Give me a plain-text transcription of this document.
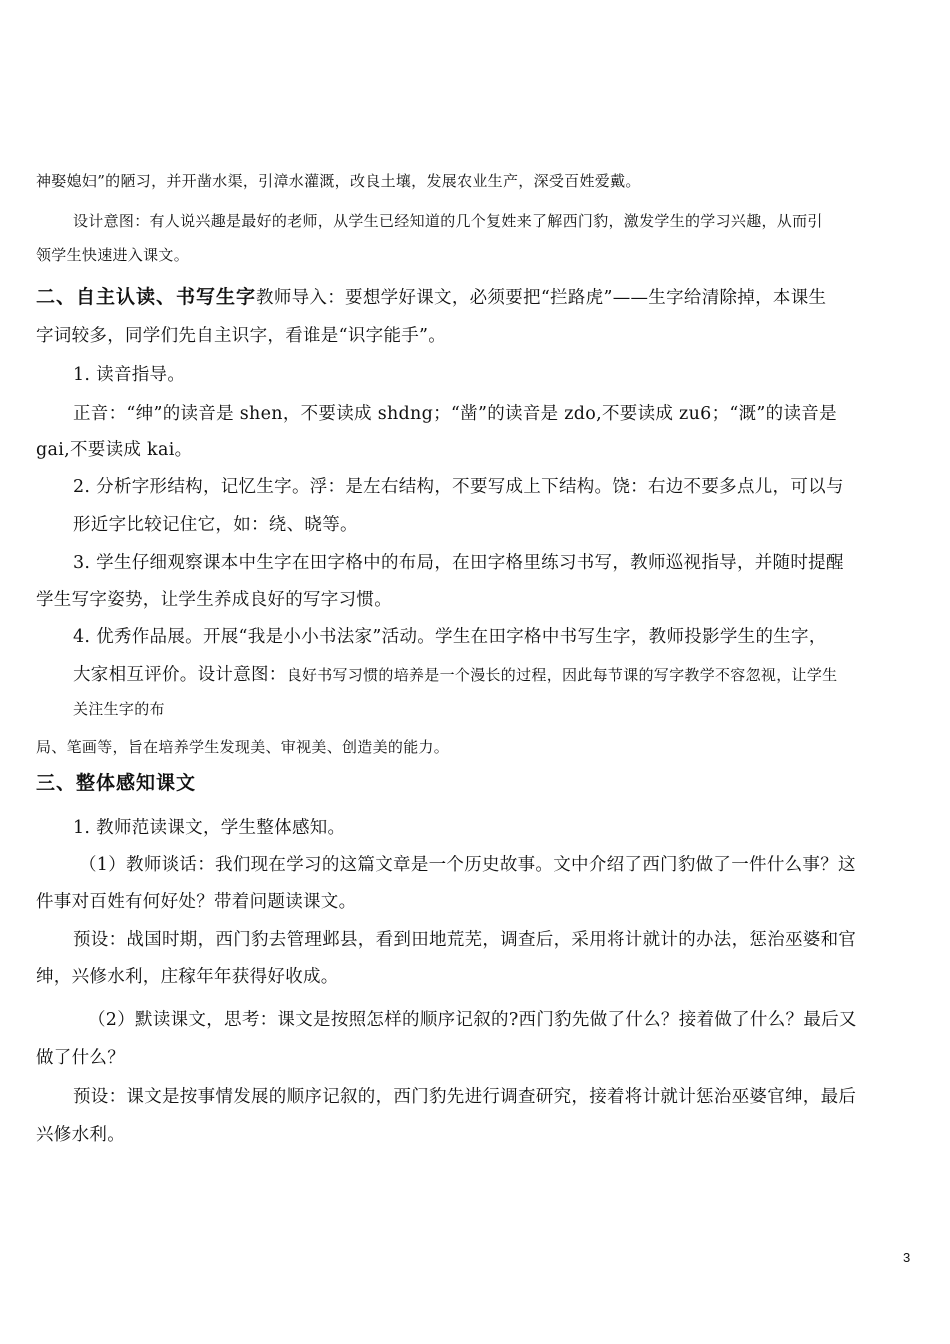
神娶媳妇”的陋习，并开凿水渠，引漳水灌溉，改良土壤，发展农业生产，深受百姓爱戴。
设计意图：有人说兴趣是最好的老师，从学生已经知道的几个复姓来了解西门豹，激发学生的学习兴趣，从而引
领学生快速进入课文。
二、自主认读、书写生字教师导入：要想学好课文，必须要把“拦路虎”——生字给清除掉，本课生
字词较多，同学们先自主识字，看谁是“识字能手”。
1. 读音指导。
正音：“绅”的读音是 shen，不要读成 shdng；“凿”的读音是 zdo,不要读成 zu6；“溉”的读音是
gai,不要读成 kai。
2. 分析字形结构，记忆生字。浮：是左右结构，不要写成上下结构。饶：右边不要多点儿，可以与
形近字比较记住它，如：绕、晓等。
3. 学生仔细观察课本中生字在田字格中的布局，在田字格里练习书写，教师巡视指导，并随时提醒
学生写字姿势，让学生养成良好的写字习惯。
4. 优秀作品展。开展“我是小小书法家”活动。学生在田字格中书写生字，教师投影学生的生字，
大家相互评价。设计意图：良好书写习惯的培养是一个漫长的过程，因此每节课的写字教学不容忽视，让学生
关注生字的布
局、笔画等，旨在培养学生发现美、审视美、创造美的能力。
三、整体感知课文
1. 教师范读课文，学生整体感知。
（1）教师谈话：我们现在学习的这篇文章是一个历史故事。文中介绍了西门豹做了一件什么事？这
件事对百姓有何好处？带着问题读课文。
预设：战国时期，西门豹去管理邺县，看到田地荒芜，调查后，采用将计就计的办法，惩治巫婆和官
绅，兴修水利，庄稼年年获得好收成。
（2）默读课文，思考：课文是按照怎样的顺序记叙的?西门豹先做了什么？接着做了什么？最后又
做了什么？
预设：课文是按事情发展的顺序记叙的，西门豹先进行调查研究，接着将计就计惩治巫婆官绅，最后
兴修水利。
3
